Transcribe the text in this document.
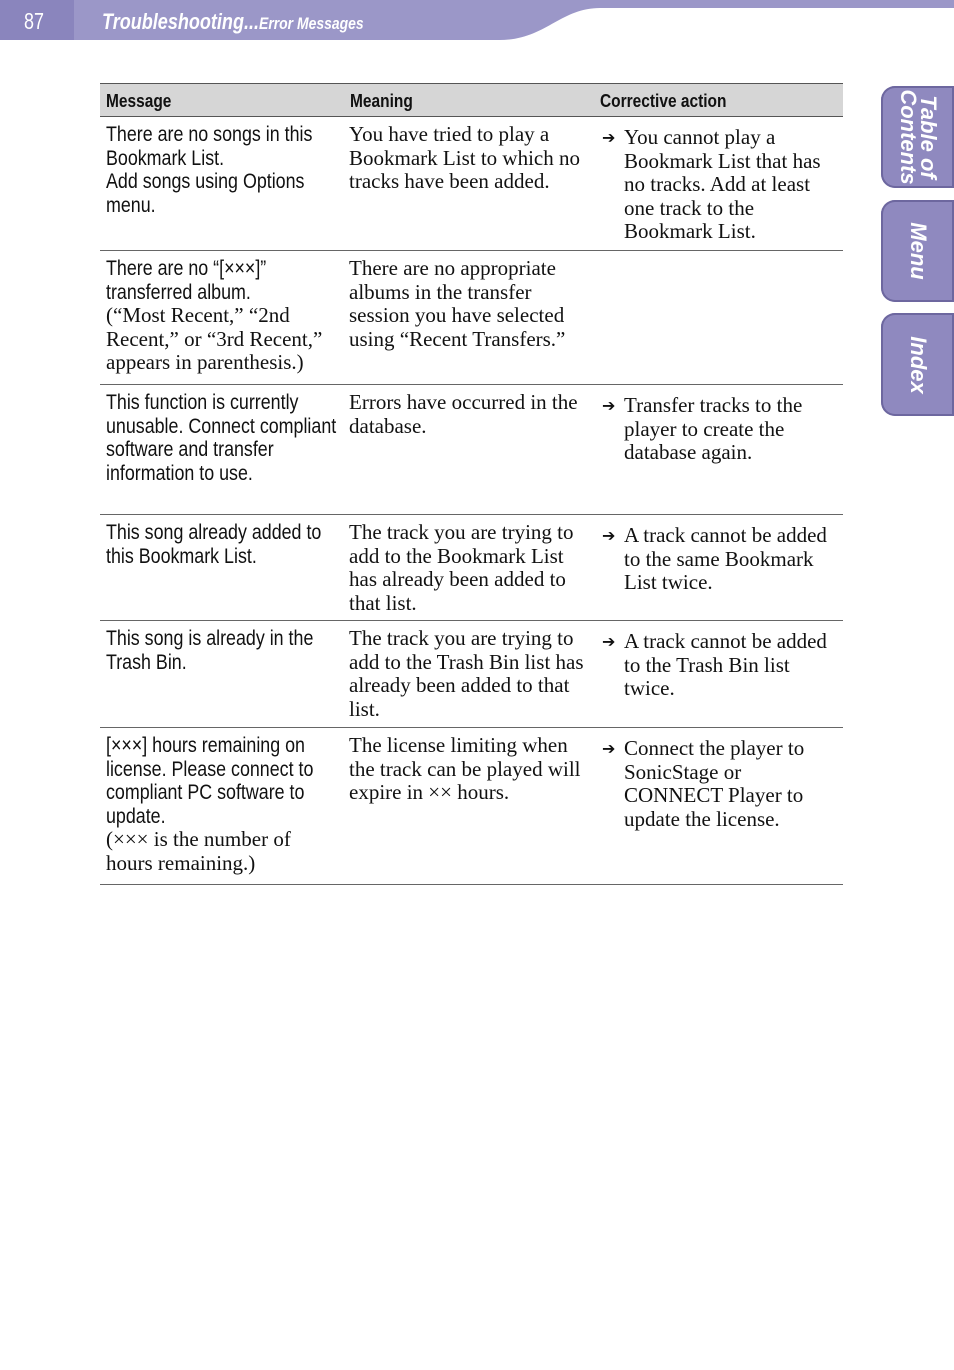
87	Troubleshooting...Error Messages
Table of
Contents
Menu
Index
Message	Meaning	Corrective action
There are no songs in this Bookmark List.
Add songs using Options menu.	You have tried to play a Bookmark List to which no tracks have been added.	➔ You cannot play a Bookmark List that has no tracks. Add at least one track to the Bookmark List.

There are no “[×××]” transferred album.
(“Most Recent,” “2nd Recent,” or “3rd Recent,” appears in parenthesis.)	There are no appropriate albums in the transfer session you have selected using “Recent Transfers.”	
This function is currently unusable. Connect compliant software and transfer information to use.	Errors have occurred in the database.	➔ Transfer tracks to the player to create the database again.

This song already added to this Bookmark List.	The track you are trying to add to the Bookmark List has already been added to that list.	➔ A track cannot be added to the same Bookmark List twice.

This song is already in the Trash Bin.	The track you are trying to add to the Trash Bin list has already been added to that list.	➔ A track cannot be added to the Trash Bin list twice.

[×××] hours remaining on license. Please connect to compliant PC software to update.
(××× is the number of hours remaining.)	The license limiting when the track can be played will expire in ×× hours.	➔ Connect the player to SonicStage or CONNECT Player to update the license.
